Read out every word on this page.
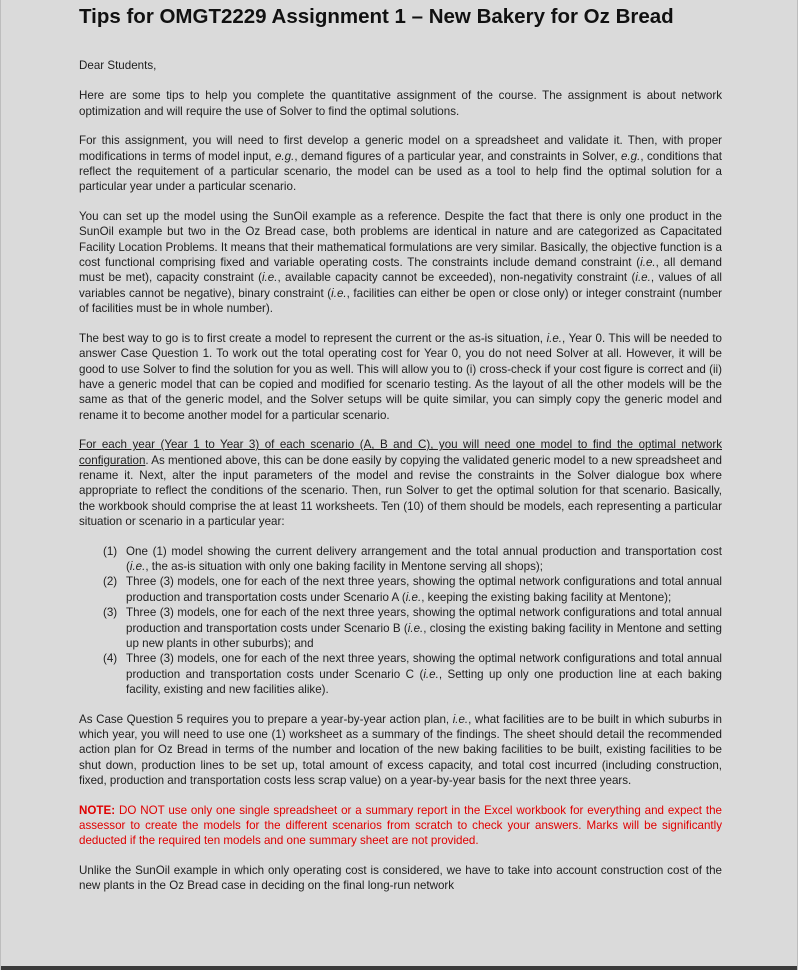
Tips for OMGT2229 Assignment 1 – New Bakery for Oz Bread

Dear Students,

Here are some tips to help you complete the quantitative assignment of the course. The assignment is about network optimization and will require the use of Solver to find the optimal solutions.

For this assignment, you will need to first develop a generic model on a spreadsheet and validate it. Then, with proper modifications in terms of model input, e.g., demand figures of a particular year, and constraints in Solver, e.g., conditions that reflect the requitement of a particular scenario, the model can be used as a tool to help find the optimal solution for a particular year under a particular scenario.

You can set up the model using the SunOil example as a reference. Despite the fact that there is only one product in the SunOil example but two in the Oz Bread case, both problems are identical in nature and are categorized as Capacitated Facility Location Problems. It means that their mathematical formulations are very similar. Basically, the objective function is a cost functional comprising fixed and variable operating costs. The constraints include demand constraint (i.e., all demand must be met), capacity constraint (i.e., available capacity cannot be exceeded), non-negativity constraint (i.e., values of all variables cannot be negative), binary constraint (i.e., facilities can either be open or close only) or integer constraint (number of facilities must be in whole number).

The best way to go is to first create a model to represent the current or the as-is situation, i.e., Year 0. This will be needed to answer Case Question 1. To work out the total operating cost for Year 0, you do not need Solver at all. However, it will be good to use Solver to find the solution for you as well. This will allow you to (i) cross-check if your cost figure is correct and (ii) have a generic model that can be copied and modified for scenario testing. As the layout of all the other models will be the same as that of the generic model, and the Solver setups will be quite similar, you can simply copy the generic model and rename it to become another model for a particular scenario.

For each year (Year 1 to Year 3) of each scenario (A, B and C), you will need one model to find the optimal network configuration. As mentioned above, this can be done easily by copying the validated generic model to a new spreadsheet and rename it. Next, alter the input parameters of the model and revise the constraints in the Solver dialogue box where appropriate to reflect the conditions of the scenario. Then, run Solver to get the optimal solution for that scenario. Basically, the workbook should comprise the at least 11 worksheets. Ten (10) of them should be models, each representing a particular situation or scenario in a particular year:

(1) One (1) model showing the current delivery arrangement and the total annual production and transportation cost (i.e., the as-is situation with only one baking facility in Mentone serving all shops);
(2) Three (3) models, one for each of the next three years, showing the optimal network configurations and total annual production and transportation costs under Scenario A (i.e., keeping the existing baking facility at Mentone);
(3) Three (3) models, one for each of the next three years, showing the optimal network configurations and total annual production and transportation costs under Scenario B (i.e., closing the existing baking facility in Mentone and setting up new plants in other suburbs); and
(4) Three (3) models, one for each of the next three years, showing the optimal network configurations and total annual production and transportation costs under Scenario C (i.e., Setting up only one production line at each baking facility, existing and new facilities alike).

As Case Question 5 requires you to prepare a year-by-year action plan, i.e., what facilities are to be built in which suburbs in which year, you will need to use one (1) worksheet as a summary of the findings. The sheet should detail the recommended action plan for Oz Bread in terms of the number and location of the new baking facilities to be built, existing facilities to be shut down, production lines to be set up, total amount of excess capacity, and total cost incurred (including construction, fixed, production and transportation costs less scrap value) on a year-by-year basis for the next three years.

NOTE: DO NOT use only one single spreadsheet or a summary report in the Excel workbook for everything and expect the assessor to create the models for the different scenarios from scratch to check your answers. Marks will be significantly deducted if the required ten models and one summary sheet are not provided.

Unlike the SunOil example in which only operating cost is considered, we have to take into account construction cost of the new plants in the Oz Bread case in deciding on the final long-run network
